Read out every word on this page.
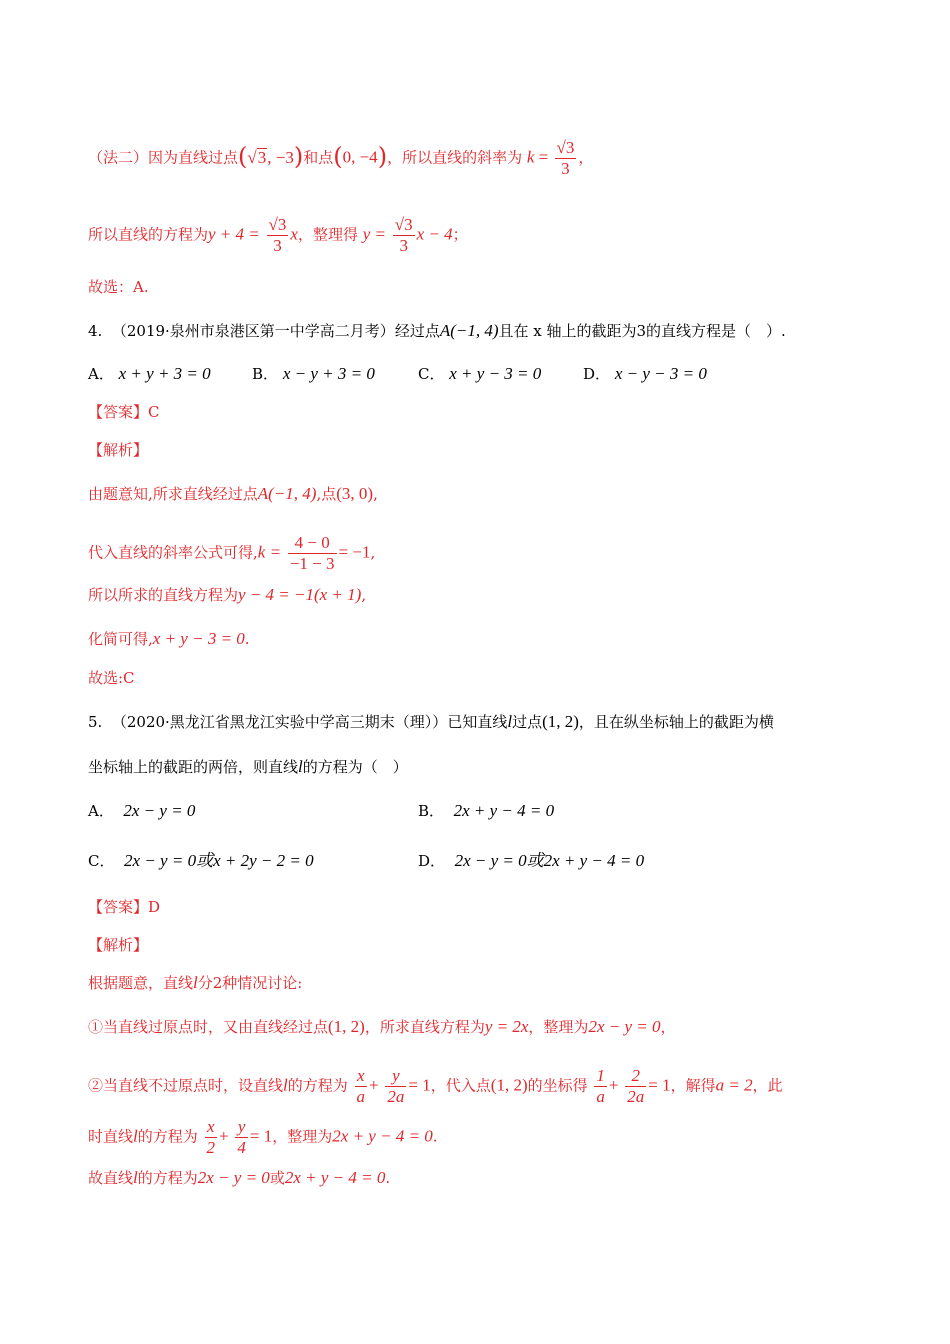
（法二）因为直线过点(√3, −3)和点(0, −4)，所以直线的斜率为 $k = \frac{√3}{3}$ ，
所以直线的方程为$y + 4 = \frac{√3}{3}$ x，整理得 $y = \frac{√3}{3}$ x − 4；
故选：A.
4. （2019·泉州市泉港区第一中学高二月考）经过点A(−1, 4)且在 x 轴上的截距为3的直线方程是（　）.
A． x + y + 3 = 0	B． x − y + 3 = 0	C． x + y − 3 = 0	D． x − y − 3 = 0
【答案】C
【解析】
由题意知,所求直线经过点A(−1, 4),点(3, 0),
代入直线的斜率公式可得$,k = \frac{4 - 0}{-1 - 3} = -1$,
所以所求的直线方程为y − 4 = −1(x + 1),
化简可得,x + y − 3 = 0.
故选:C
5. （2020·黑龙江省黑龙江实验中学高三期末（理））已知直线l过点(1, 2)，且在纵坐标轴上的截距为横
坐标轴上的截距的两倍，则直线l的方程为（　）
A． 2x − y = 0	B． 2x + y − 4 = 0
C． 2x − y = 0或x + 2y − 2 = 0	D． 2x − y = 0或2x + y − 4 = 0
【答案】D
【解析】
根据题意，直线l分2种情况讨论:
①当直线过原点时，又由直线经过点(1, 2)，所求直线方程为y = 2x，整理为2x − y = 0，
②当直线不过原点时，设直线l的方程为 $\frac{x}{a} + \frac{y}{2a} = 1$，代入点(1, 2)的坐标得 $\frac{1}{a} + \frac{2}{2a} = 1$，解得a = 2，此
时直线l的方程为 $\frac{x}{2} + \frac{y}{4} = 1$，整理为2x + y − 4 = 0.
故直线l的方程为2x − y = 0或2x + y − 4 = 0.
